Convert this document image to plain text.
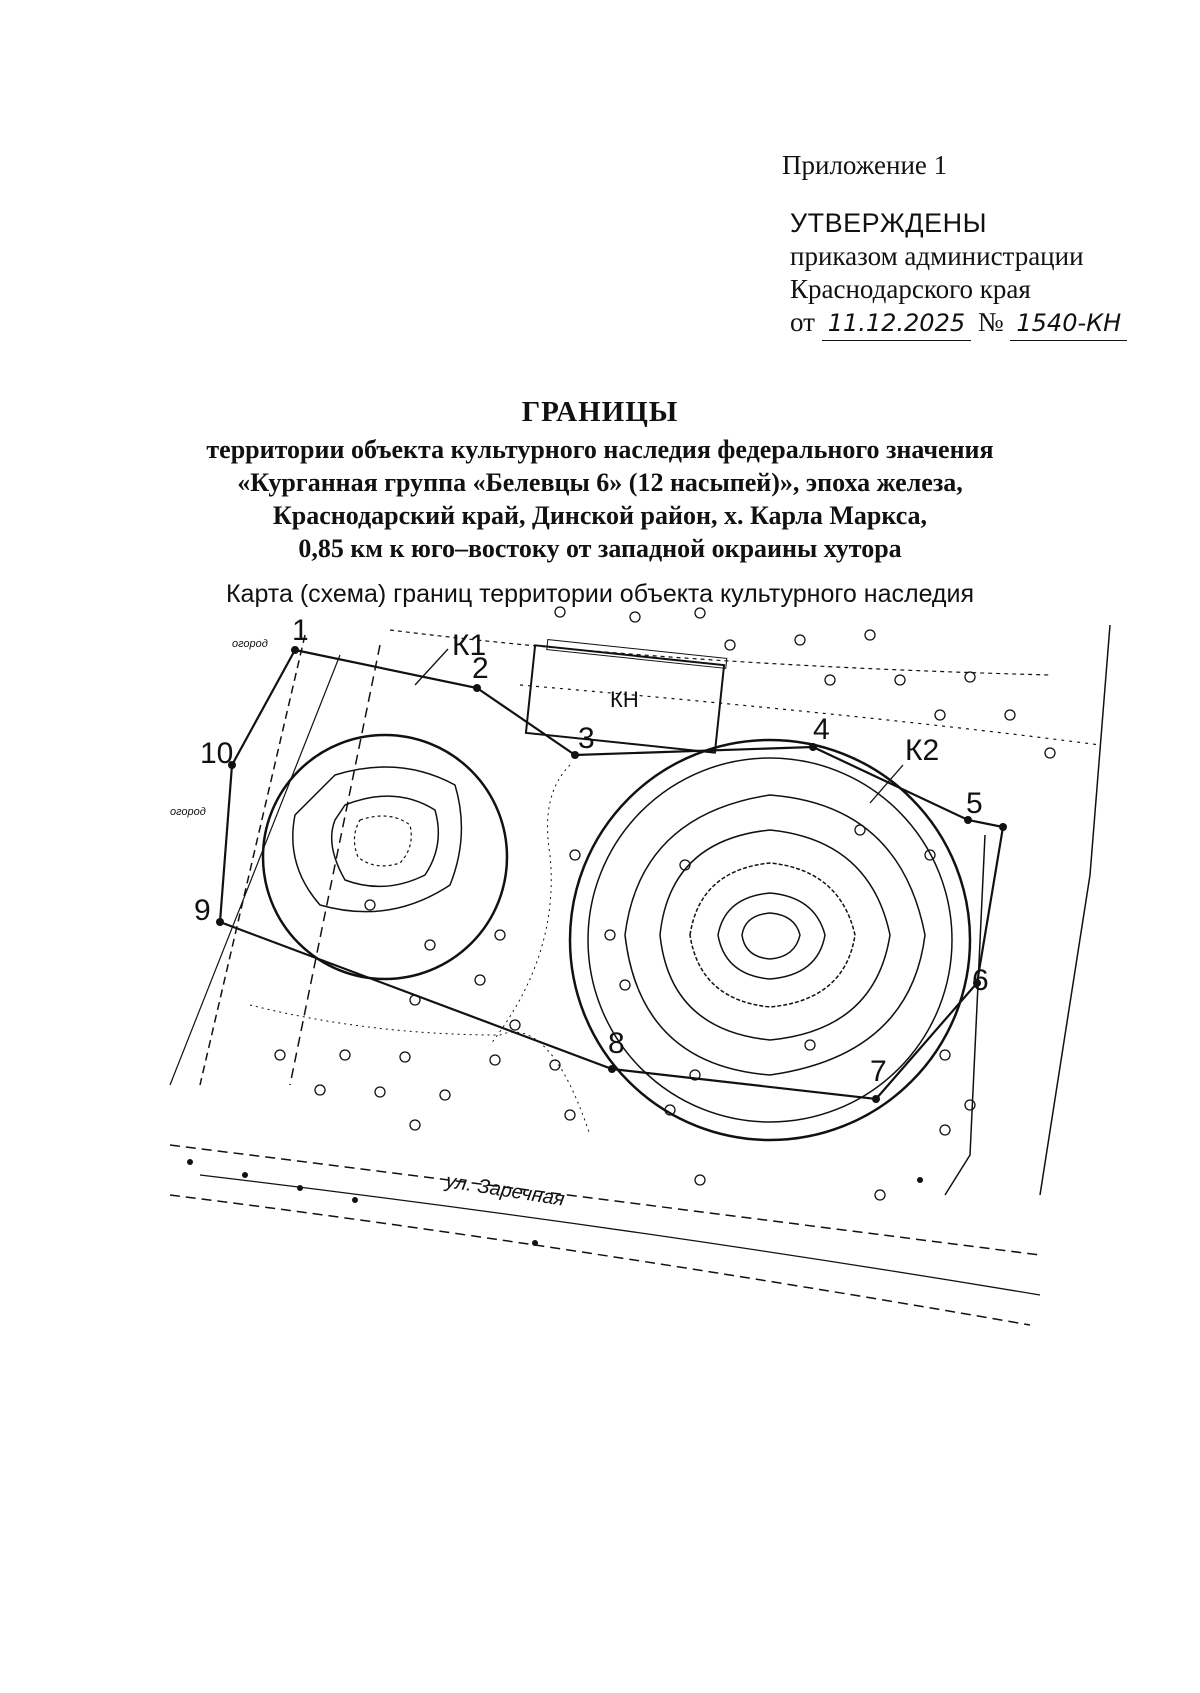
Приложение 1
УТВЕРЖДЕНЫ
приказом администрации
Краснодарского края
от 11.12.2025 № 1540-КН
ГРАНИЦЫ
территории объекта культурного наследия федерального значения
«Курганная группа «Белевцы 6» (12 насыпей)», эпоха железа,
Краснодарский край, Динской район, х. Карла Маркса,
0,85 км к юго–востоку от западной окраины хутора
Карта (схема) границ территории объекта культурного наследия
1
2
3	4
5
6
7
8
9
10
К1
К2
КН
огород
огород
ул. Заречная
